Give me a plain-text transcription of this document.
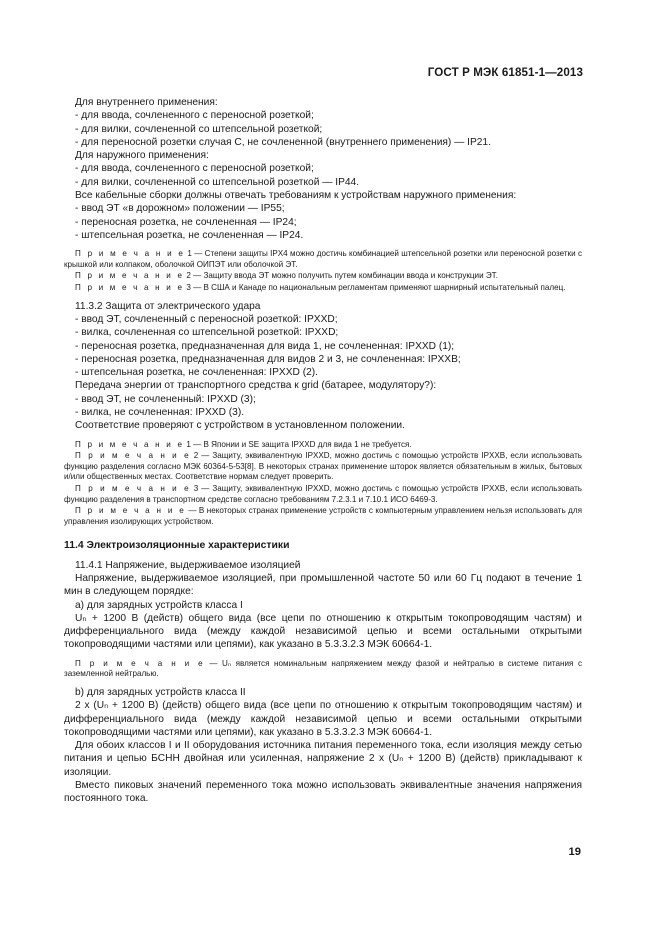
ГОСТ Р МЭК 61851-1—2013

Для внутреннего применения:

- для ввода, сочлененного с переносной розеткой;

- для вилки, сочлененной со штепсельной розеткой;

- для переносной розетки случая С, не сочлененной (внутреннего применения) — IP21.

Для наружного применения:

- для ввода, сочлененного с переносной розеткой;

- для вилки, сочлененной со штепсельной розеткой — IP44.

Все кабельные сборки должны отвечать требованиям к устройствам наружного применения:

- ввод ЭТ «в дорожном» положении — IP55;

- переносная розетка, не сочлененная — IP24;

- штепсельная розетка, не сочлененная — IP24.

П р и м е ч а н и е 1 — Степени защиты IPX4 можно достичь комбинацией штепсельной розетки или переносной розетки с крышкой или колпаком, оболочкой ОИПЭТ или оболочкой ЭТ.

П р и м е ч а н и е 2 — Защиту ввода ЭТ можно получить путем комбинации ввода и конструкции ЭТ.

П р и м е ч а н и е 3 — В США и Канаде по национальным регламентам применяют шарнирный испытательный палец.

11.3.2 Защита от электрического удара

- ввод ЭТ, сочлененный с переносной розеткой: IPXXD;

- вилка, сочлененная со штепсельной розеткой: IPXXD;

- переносная розетка, предназначенная для вида 1, не сочлененная: IPXXD (1);

- переносная розетка, предназначенная для видов 2 и 3, не сочлененная: IPXXB;

- штепсельная розетка, не сочлененная: IPXXD (2).

Передача энергии от транспортного средства к grid (батарее, модулятору?):

- ввод ЭТ, не сочлененный: IPXXD (3);

- вилка, не сочлененная: IPXXD (3).

Соответствие проверяют с устройством в установленном положении.

П р и м е ч а н и е 1 — В Японии и SE защита IPXXD для вида 1 не требуется.

П р и м е ч а н и е 2 — Защиту, эквивалентную IPXXD, можно достичь с помощью устройств IPXXB, если использовать функцию разделения согласно МЭК 60364-5-53[8]. В некоторых странах применение шторок является обязательным в жилых, бытовых и/или общественных местах. Соответствие нормам следует проверить.

П р и м е ч а н и е 3 — Защиту, эквивалентную IPXXD, можно достичь с помощью устройств IPXXB, если использовать функцию разделения в транспортном средстве согласно требованиям 7.2.3.1 и 7.10.1 ИСО 6469-3.

П р и м е ч а н и е — В некоторых странах применение устройств с компьютерным управлением нельзя использовать для управления изолирующих устройством.

11.4 Электроизоляционные характеристики

11.4.1 Напряжение, выдерживаемое изоляцией

Напряжение, выдерживаемое изоляцией, при промышленной частоте 50 или 60 Гц подают в течение 1 мин в следующем порядке:

a) для зарядных устройств класса I

Uₙ + 1200 В (действ) общего вида (все цепи по отношению к открытым токопроводящим частям) и дифференциального вида (между каждой независимой цепью и всеми остальными открытыми токопроводящими частями или цепями), как указано в 5.3.3.2.3 МЭК 60664-1.

П р и м е ч а н и е — Uₙ является номинальным напряжением между фазой и нейтралью в системе питания с заземленной нейтралью.

b) для зарядных устройств класса II

2 х (Uₙ + 1200 В) (действ) общего вида (все цепи по отношению к открытым токопроводящим частям) и дифференциального вида (между каждой независимой цепью и всеми остальными открытыми токопроводящими частями или цепями), как указано в 5.3.3.2.3 МЭК 60664-1.

Для обоих классов I и II оборудования источника питания переменного тока, если изоляция между сетью питания и цепью БСНН двойная или усиленная, напряжение 2 х (Uₙ + 1200 В) (действ) прикладывают к изоляции.

Вместо пиковых значений переменного тока можно использовать эквивалентные значения напряжения постоянного тока.

19
